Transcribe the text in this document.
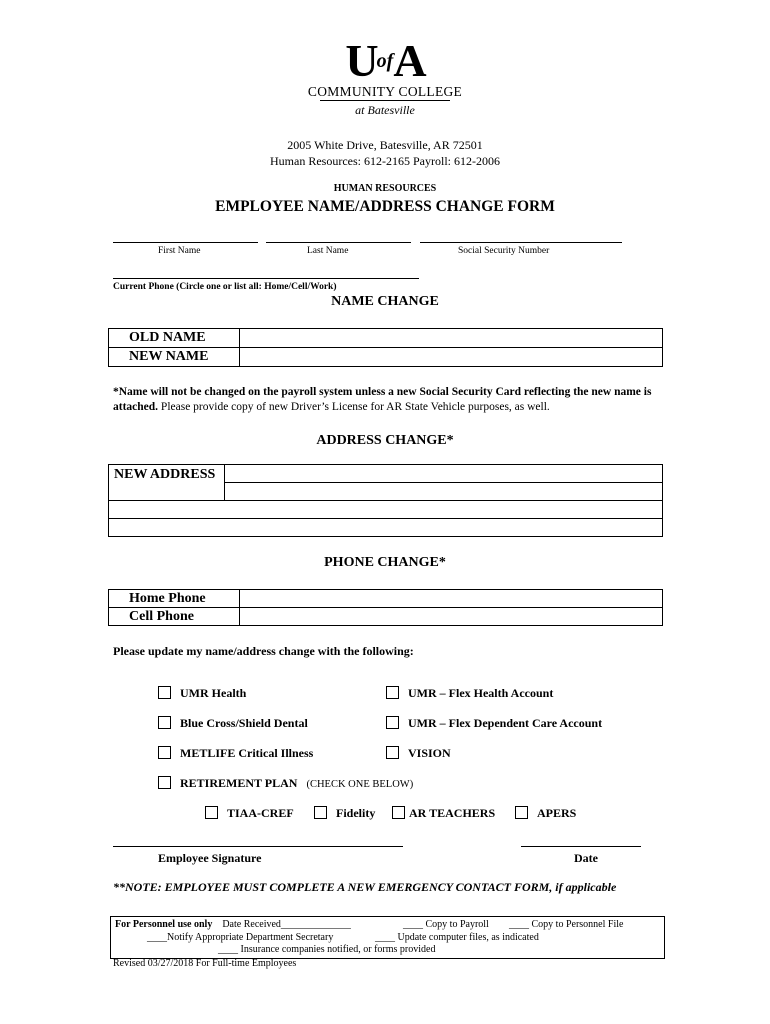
$U^{of}A$
COMMUNITY COLLEGE
at Batesville
2005 White Drive, Batesville, AR 72501
Human Resources: 612-2165 Payroll: 612-2006
HUMAN RESOURCES
EMPLOYEE NAME/ADDRESS CHANGE FORM
First Name	Last Name	Social Security Number
Current Phone (Circle one or list all: Home/Cell/Work)
NAME CHANGE
OLD NAME	
NEW NAME	
*Name will not be changed on the payroll system unless a new Social Security Card reflecting the new name is attached. Please provide copy of new Driver’s License for AR State Vehicle purposes, as well.
ADDRESS CHANGE*
NEW ADDRESS	

PHONE CHANGE*
Home Phone	
Cell Phone	
Please update my name/address change with the following:
UMR Health	UMR – Flex Health Account
Blue Cross/Shield Dental	UMR – Flex Dependent Care Account
METLIFE Critical Illness	VISION
RETIREMENT PLAN (CHECK ONE BELOW)
TIAA-CREF	Fidelity	AR TEACHERS	APERS
Employee Signature	Date
**NOTE: EMPLOYEE MUST COMPLETE A NEW EMERGENCY CONTACT FORM, if applicable
For Personnel use only Date Received______________	____ Copy to Payroll ____ Copy to Personnel File
____Notify Appropriate Department Secretary	____ Update computer files, as indicated
____ Insurance companies notified, or forms provided
Revised 03/27/2018 For Full-time Employees
